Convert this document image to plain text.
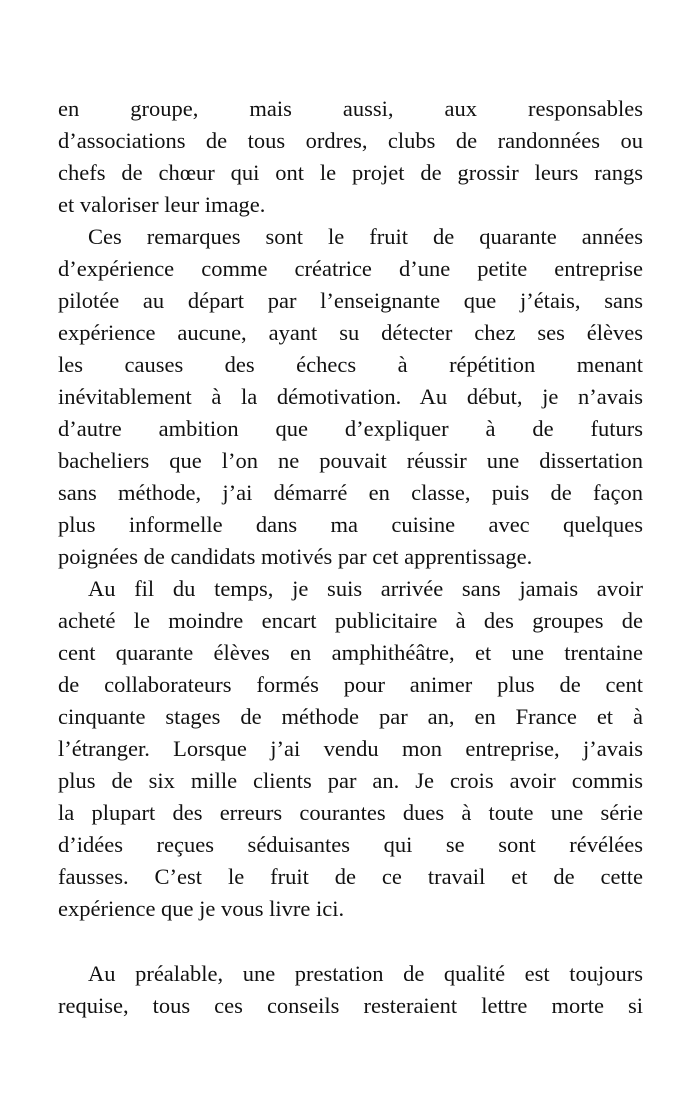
en groupe, mais aussi, aux responsables
d’associations de tous ordres, clubs de randonnées ou
chefs de chœur qui ont le projet de grossir leurs rangs
et valoriser leur image.
Ces remarques sont le fruit de quarante années
d’expérience comme créatrice d’une petite entreprise
pilotée au départ par l’enseignante que j’étais, sans
expérience aucune, ayant su détecter chez ses élèves
les causes des échecs à répétition menant
inévitablement à la démotivation. Au début, je n’avais
d’autre ambition que d’expliquer à de futurs
bacheliers que l’on ne pouvait réussir une dissertation
sans méthode, j’ai démarré en classe, puis de façon
plus informelle dans ma cuisine avec quelques
poignées de candidats motivés par cet apprentissage.
Au fil du temps, je suis arrivée sans jamais avoir
acheté le moindre encart publicitaire à des groupes de
cent quarante élèves en amphithéâtre, et une trentaine
de collaborateurs formés pour animer plus de cent
cinquante stages de méthode par an, en France et à
l’étranger. Lorsque j’ai vendu mon entreprise, j’avais
plus de six mille clients par an. Je crois avoir commis
la plupart des erreurs courantes dues à toute une série
d’idées reçues séduisantes qui se sont révélées
fausses. C’est le fruit de ce travail et de cette
expérience que je vous livre ici.
Au préalable, une prestation de qualité est toujours
requise, tous ces conseils resteraient lettre morte si
